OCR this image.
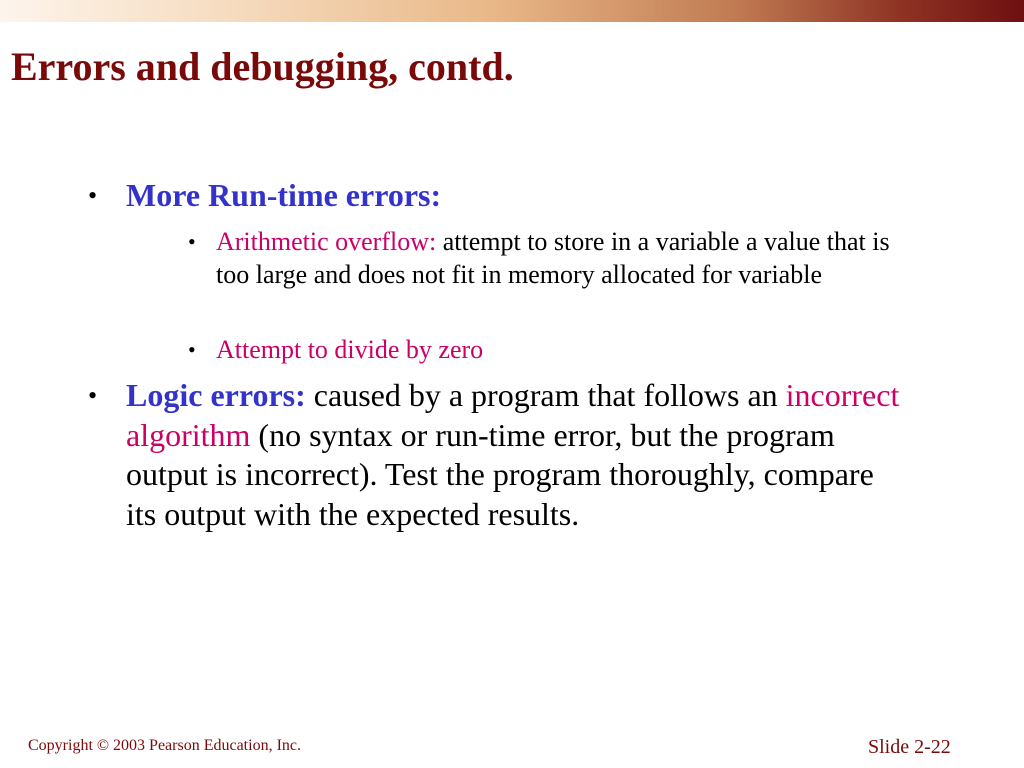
Errors and debugging, contd.
• More Run-time errors:
• Arithmetic overflow: attempt to store in a variable a value that is too large and does not fit in memory allocated for variable
• Attempt to divide by zero
• Logic errors: caused by a program that follows an incorrect algorithm (no syntax or run-time error, but the program output is incorrect). Test the program thoroughly, compare its output with the expected results.
Copyright © 2003 Pearson Education, Inc.	Slide 2-22
